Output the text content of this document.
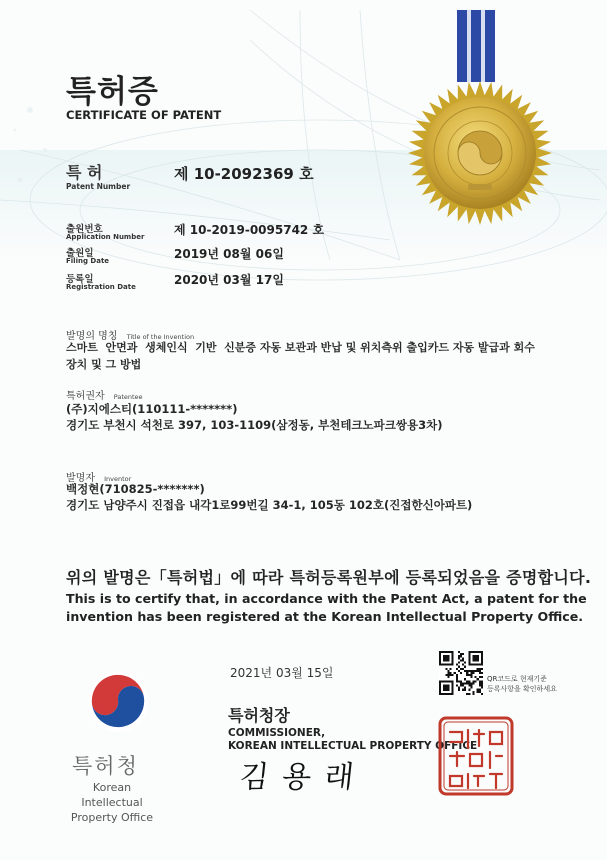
특허증
CERTIFICATE OF PATENT
특 허
Patent Number
제 10-2092369 호
출원번호
Application Number 제 10-2019-0095742 호
출원일
Filing Date	2019년 08월 06일
등록일
Registration Date	2020년 03월 17일
발명의 명칭 Title of the Invention
스마트  안면과  생체인식  기반  신분증 자동 보관과 반납 및 위치측위 출입카드 자동 발급과 회수
장치 및 그 방법
특허권자 Patentee
(주)지에스티(110111-*******)
경기도 부천시 석천로 397, 103-1109(삼정동, 부천테크노파크쌍용3차)
발명자 Inventor
백정현(710825-*******)
경기도 남양주시 진접읍 내각1로99번길 34-1, 105동 102호(진접한신아파트)
위의 발명은「특허법」에 따라 특허등록원부에 등록되었음을 증명합니다.
This is to certify that, in accordance with the Patent Act, a patent for the
invention has been registered at the Korean Intellectual Property Office.
2021년 03월 15일	QR코드로 현재기준
등록사항을 확인하세요
특허청장
COMMISSIONER,
KOREAN INTELLECTUAL PROPERTY OFFICE
김 용 래
특허청
Korean Intellectual
Property Office
